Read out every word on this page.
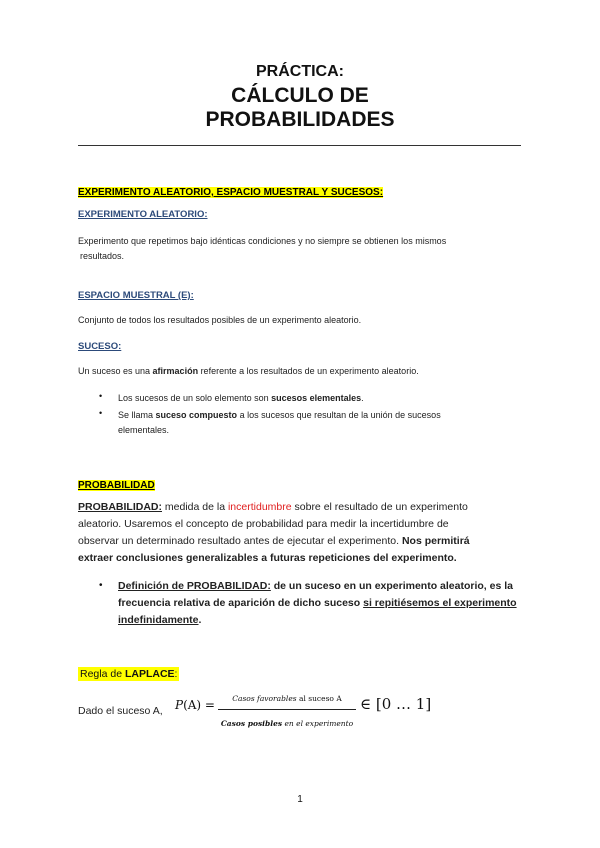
PRÁCTICA:
CÁLCULO DE
PROBABILIDADES
EXPERIMENTO ALEATORIO, ESPACIO MUESTRAL Y SUCESOS:
EXPERIMENTO ALEATORIO:
Experimento que repetimos bajo idénticas condiciones y no siempre se obtienen los mismos
resultados.
ESPACIO MUESTRAL (E):
Conjunto de todos los resultados posibles de un experimento aleatorio.
SUCESO:
Un suceso es una afirmación referente a los resultados de un experimento aleatorio.
• Los sucesos de un solo elemento son sucesos elementales.
• Se llama suceso compuesto a los sucesos que resultan de la unión de sucesos
elementales.
PROBABILIDAD
PROBABILIDAD: medida de la incertidumbre sobre el resultado de un experimento
aleatorio. Usaremos el concepto de probabilidad para medir la incertidumbre de
observar un determinado resultado antes de ejecutar el experimento. Nos permitirá
extraer conclusiones generalizables a futuras repeticiones del experimento.
• Definición de PROBABILIDAD: de un suceso en un experimento aleatorio, es la
frecuencia relativa de aparición de dicho suceso si repitiésemos el experimento
indefinidamente.
Regla de LAPLACE:
Dado el suceso A, P(A) =	Casos favorables al suceso A
Casos posibles en el experimento
∈ [0 … 1]
1
